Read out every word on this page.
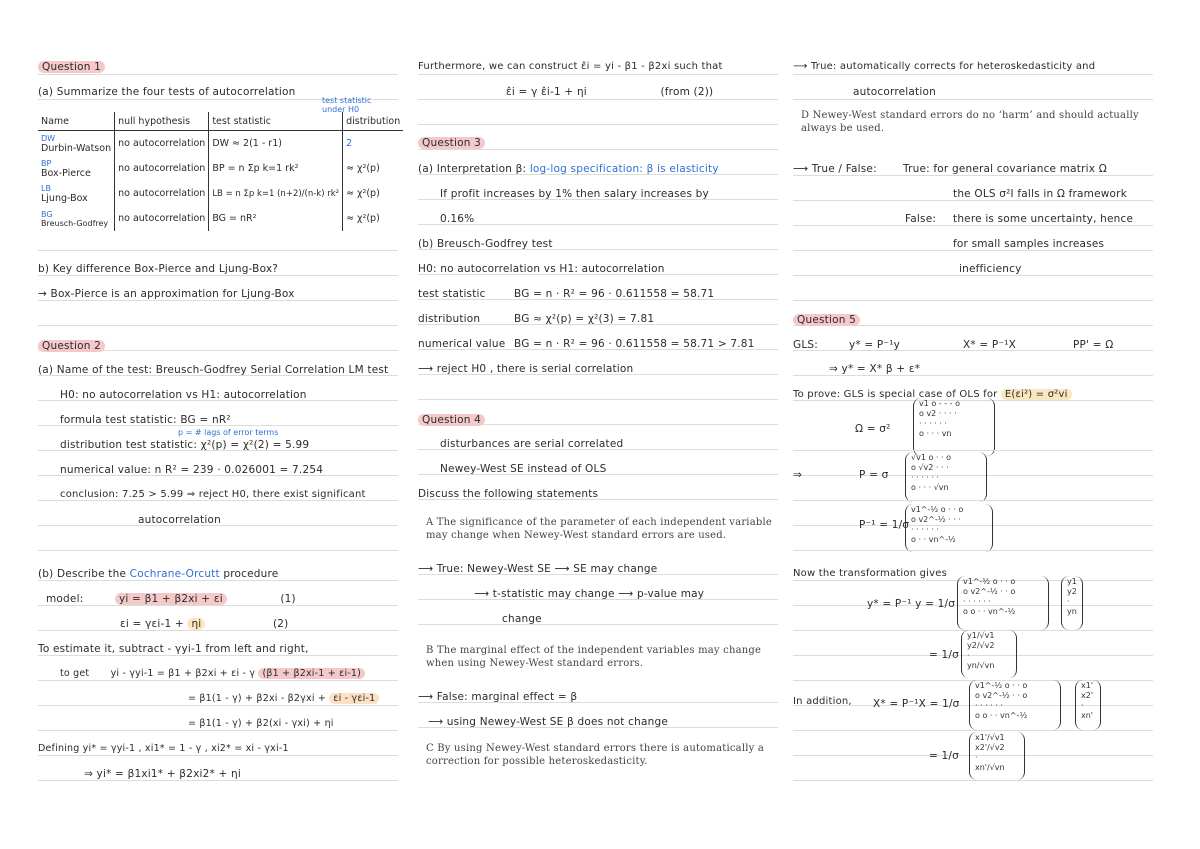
Question 1
(a) Summarize the four tests of autocorrelation
test statistic under H0
Name	null hypothesis	test statistic	distribution

DW
Durbin-Watson	no autocorrelation	DW ≈ 2(1 - r1)	2

BP
Box-Pierce	no autocorrelation	BP = n Σp k=1 rk²	≈ χ²(p)

LB
Ljung-Box	no autocorrelation	LB = n Σp k=1 (n+2)/(n-k) rk²	≈ χ²(p)

BG
Breusch-Godfrey	no autocorrelation	BG = nR²	≈ χ²(p)
b) Key difference Box-Pierce and Ljung-Box?
→ Box-Pierce is an approximation for Ljung-Box
Question 2
(a) Name of the test: Breusch-Godfrey Serial Correlation LM test
H0: no autocorrelation vs H1: autocorrelation
formula test statistic: BG = nR²
p = # lags of error terms
distribution test statistic: χ²(p) = χ²(2) = 5.99
numerical value: n R² = 239 · 0.026001 = 7.254
conclusion: 7.25 > 5.99 ⇒ reject H0, there exist significant
autocorrelation
(b) Describe the Cochrane-Orcutt procedure
model:	yi = β1 + β2xi + εi	(1)
εi = γεi-1 + ηi	(2)
To estimate it, subtract - γyi-1 from left and right,
to get yi - γyi-1 = β1 + β2xi + εi - γ (β1 + β2xi-1 + εi-1)
= β1(1 - γ) + β2xi - β2γxi + εi - γεi-1
= β1(1 - γ) + β2(xi - γxi) + ηi
Defining yi* = γyi-1 , xi1* = 1 - γ , xi2* = xi - γxi-1
⇒ yi* = β1xi1* + β2xi2* + ηi
Furthermore, we can construct ε̂i = yi - β1 - β2xi such that
ε̂i = γ ε̂i-1 + ηi	(from (2))
Question 3
(a) Interpretation β: log-log specification: β is elasticity
If profit increases by 1% then salary increases by
0.16%
(b) Breusch-Godfrey test
H0: no autocorrelation vs H1: autocorrelation
test statistic	BG = n · R² = 96 · 0.611558 = 58.71
distribution	BG ≈ χ²(p) = χ²(3) = 7.81
numerical value BG = n · R² = 96 · 0.611558 = 58.71 > 7.81
⟶ reject H0 , there is serial correlation
Question 4
disturbances are serial correlated
Newey-West SE instead of OLS
Discuss the following statements
A The significance of the parameter of each independent variable may change when Newey-West standard errors are used.
⟶ True: Newey-West SE ⟶ SE may change
⟶ t-statistic may change ⟶ p-value may
change
B The marginal effect of the independent variables may change when using Newey-West standard errors.
⟶ False: marginal effect = β
⟶ using Newey-West SE β does not change
C By using Newey-West standard errors there is automatically a correction for possible heteroskedasticity.
⟶ True: automatically corrects for heteroskedasticity and
autocorrelation
D Newey-West standard errors do no ‘harm’ and should actually always be used.
⟶ True / False: True: for general covariance matrix Ω
the OLS σ²I falls in Ω framework
False: there is some uncertainty, hence
for small samples increases
inefficiency
Question 5
GLS:	y* = P⁻¹y	X* = P⁻¹X	PP' = Ω
⇒ y* = X* β + ε*
To prove: GLS is special case of OLS for E(εi²) = σ²vi
Ω = σ²
v1 o - - - o
o v2 · · · ·
· · · · · ·
o · · · vn
⇒	P = σ
√v1 o · · o
o √v2 · · ·
· · · · · ·
o · · · √vn
P⁻¹ = 1/σ
v1^-½ o · · o
o v2^-½ · · ·
· · · · · ·
o · · vn^-½
Now the transformation gives
y* = P⁻¹ y = 1/σ
v1^-½ o · · o
o v2^-½ · · o
· · · · · ·
o o · · vn^-½
y1
y2
·
yn
= 1/σ
y1/√v1
y2/√v2
·
yn/√vn
In addition,	X* = P⁻¹X = 1/σ
v1^-½ o · · o
o v2^-½ · · o
· · · · · ·
o o · · vn^-½
x1'
x2'
·
xn'
= 1/σ
x1'/√v1
x2'/√v2
·
xn'/√vn
